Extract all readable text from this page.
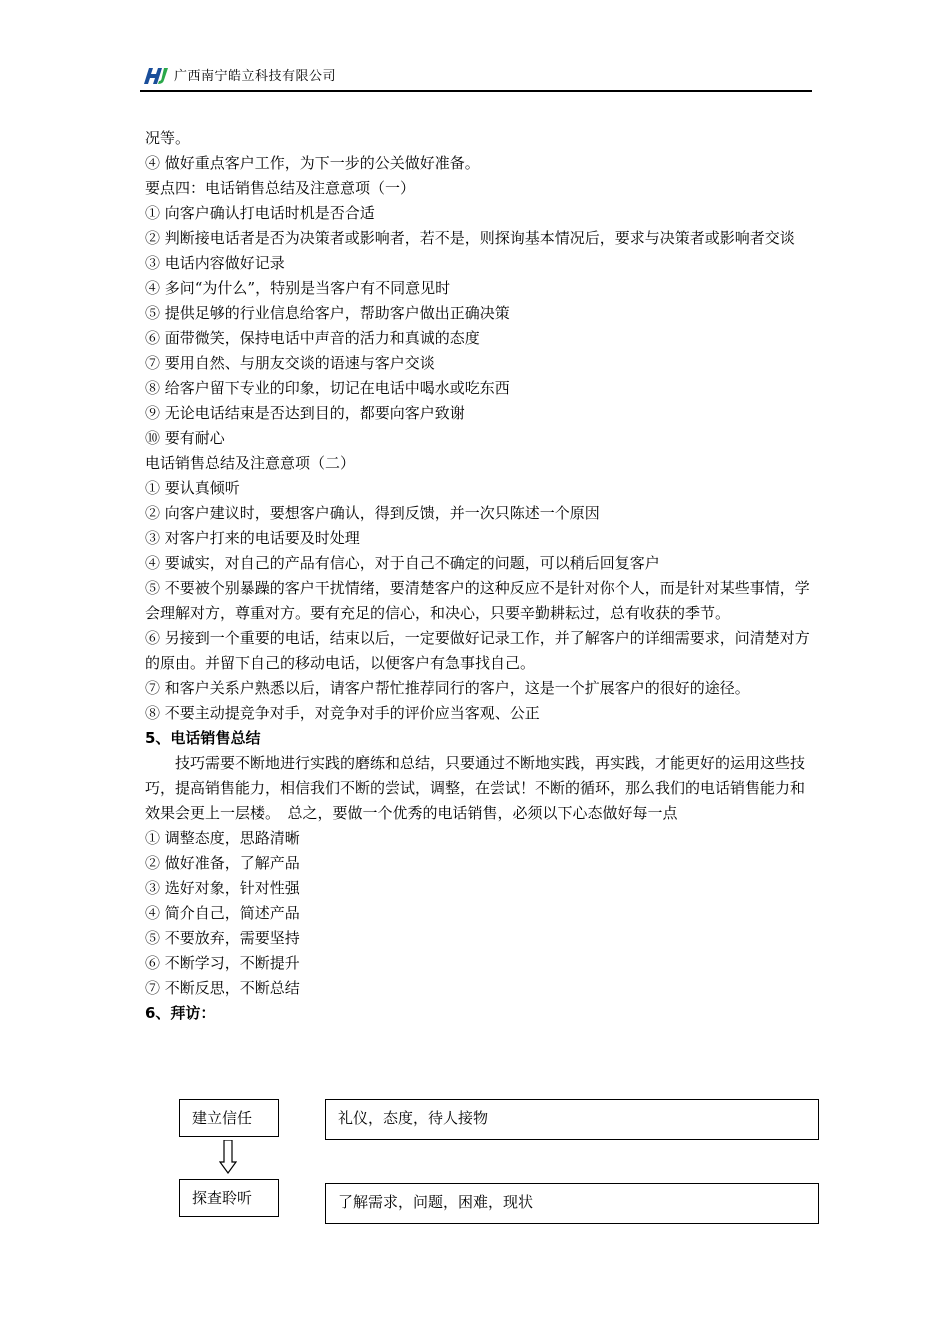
广西南宁皓立科技有限公司

况等。

④ 做好重点客户工作，为下一步的公关做好准备。

要点四：电话销售总结及注意意项（一）

① 向客户确认打电话时机是否合适

② 判断接电话者是否为决策者或影响者，若不是，则探询基本情况后，要求与决策者或影响者交谈

③ 电话内容做好记录

④ 多问“为什么”，特别是当客户有不同意见时

⑤ 提供足够的行业信息给客户，帮助客户做出正确决策

⑥ 面带微笑，保持电话中声音的活力和真诚的态度

⑦ 要用自然、与朋友交谈的语速与客户交谈

⑧ 给客户留下专业的印象，切记在电话中喝水或吃东西

⑨ 无论电话结束是否达到目的，都要向客户致谢

⑩ 要有耐心

电话销售总结及注意意项（二）

① 要认真倾听

② 向客户建议时，要想客户确认，得到反馈，并一次只陈述一个原因

③ 对客户打来的电话要及时处理

④ 要诚实，对自己的产品有信心，对于自己不确定的问题，可以稍后回复客户

⑤ 不要被个别暴躁的客户干扰情绪，要清楚客户的这种反应不是针对你个人，而是针对某些事情，学会理解对方，尊重对方。要有充足的信心，和决心，只要辛勤耕耘过，总有收获的季节。

⑥ 另接到一个重要的电话，结束以后，一定要做好记录工作，并了解客户的详细需要求，问清楚对方的原由。并留下自己的移动电话，以便客户有急事找自己。

⑦ 和客户关系户熟悉以后，请客户帮忙推荐同行的客户，这是一个扩展客户的很好的途径。

⑧ 不要主动提竞争对手，对竞争对手的评价应当客观、公正

5、电话销售总结

技巧需要不断地进行实践的磨练和总结，只要通过不断地实践，再实践，才能更好的运用这些技巧，提高销售能力，相信我们不断的尝试，调整，在尝试！不断的循环，那么我们的电话销售能力和效果会更上一层楼。　总之，要做一个优秀的电话销售，必须以下心态做好每一点

① 调整态度，思路清晰

② 做好准备，了解产品

③ 选好对象，针对性强

④ 简介自己，简述产品

⑤ 不要放弃，需要坚持

⑥ 不断学习，不断提升

⑦ 不断反思，不断总结

6、拜访：

建立信任	礼仪，态度，待人接物
探查聆听	了解需求，问题，困难，现状
